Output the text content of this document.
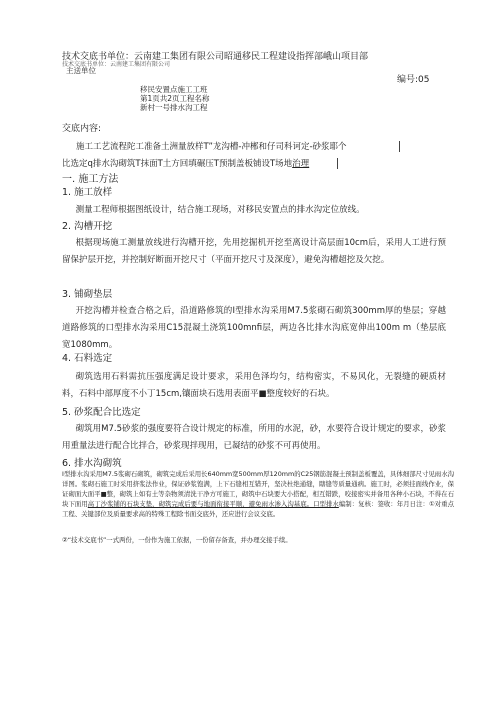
技术交底书单位：云南建工集团有限公司昭通移民工程建设指挥部峨山项目部
技术交底书单位：云南建工集团有限公司
主送单位
编号:05
移民安置点施工工班
第1页共2页工程名称
新村一号排水沟工程
交底内容:
施工工艺流程陀工准备土洲量放样T”龙沟槽-冲郴和仔司科诃定-砂浆耶个
比选定q排水沟砌筑T抹面T土方回填碾压T预制盖板铺设T场地治理
一. 施工方法
1. 施工放样
测量工程师根据图纸设计，结合施工现场，对移民安置点的排水沟定位放线。
2. 沟槽开挖
根据现场施工测量放线进行沟槽开挖，先用挖掘机开挖至离设计高层面10cm后，采用人工进行预留保护层开挖，并控制好断面开挖尺寸（平面开挖尺寸及深度），避免沟槽超挖及欠挖。
3. 铺砌垫层
开挖沟槽并检查合格之后，沿道路修筑的I型排水沟采用M7.5浆砌石砌筑300mm厚的垫层；穿越道路修筑的口型排水沟采用C15混凝土浇筑100mnfi层，两边各比排水沟底宽伸出100m m（垫层底宽1080mm。
4. 石料选定
砌筑选用石料需抗压强度满足设计要求，采用色泽均匀，结构密实，不易风化，无裂缝的硬质材料，石料中部厚度不小丁15cm,镶面块石选用表面平■整度较好的石块。
5. 砂浆配合比选定
砌筑用M7.5砂浆的强度要符合设计规定的标准，所用的水泥，砂，水要符合设计规定的要求，砂浆用重量法进行配合比拌合，砂浆现拌现用，已凝结的砂浆不可再使用。
6. 排水沟砌筑
I型排水沟采用M7.5浆砌石砌筑，砌筑完成后采用长640mm宽500mm厚120mm的C25钢筋混凝土预制盖板覆盖，具体细部尺寸见雨水沟详图。浆砌石施工时采用挤浆法作业，保证砂浆饱满，上下石缝相互错开，坚决杜绝通缝，瞎缝等质量通病。施工时，必须挂面线作业，保证砌面大面平■整，砌筑上如有土等杂物须清洗干净方可施工，砌筑中石块要大小搭配，相互错跌，咬接密实并备用各种小石块，不得在石块下面用高丁沙浆铺的石块支垫，砌筑完成后要与地面衔接平顺，避免雨水渗入沟基底。口型排水编制：复核：签收：年月日注：①对重点工程、关键部位及质量要求高的特殊工程除书面交底外，还应进行会议交底。
②“技术交底书”一式两份，一份作为施工依据，一份留存备查，并办理交接手续。
